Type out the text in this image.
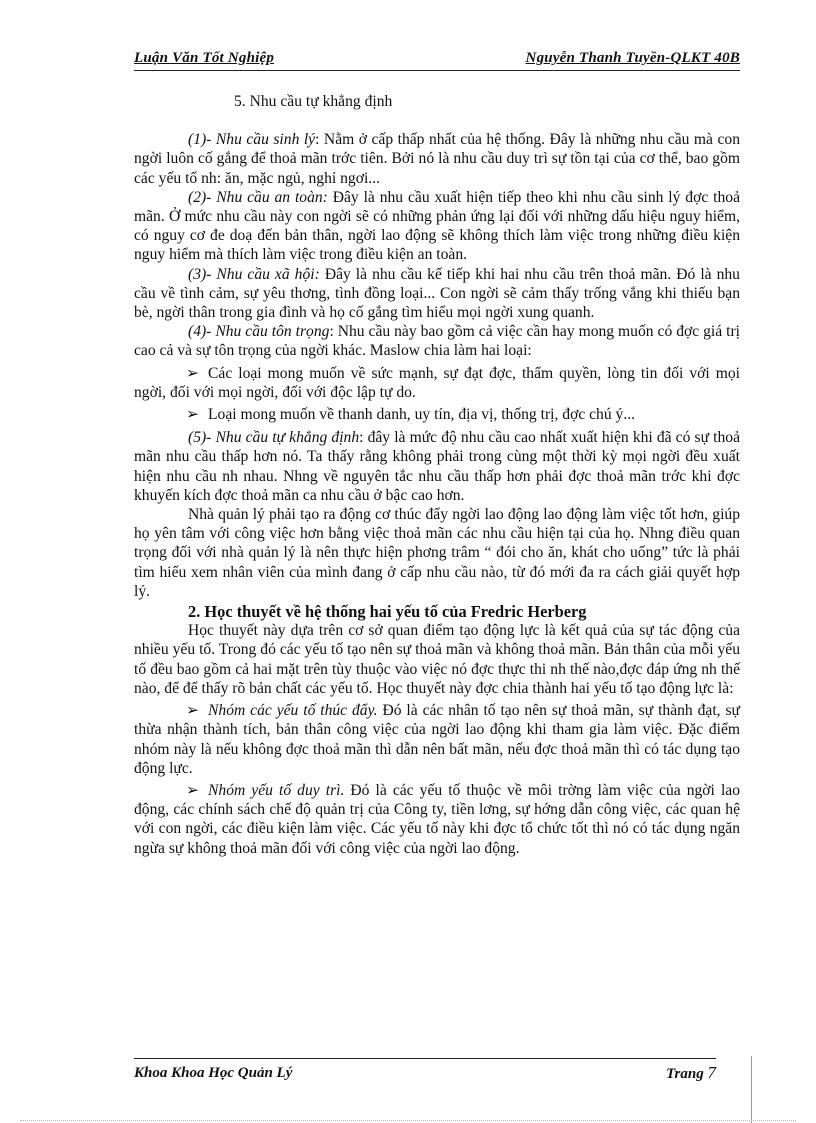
Luận Văn Tốt Nghiệp	Nguyễn Thanh Tuyền-QLKT 40B

5. Nhu cầu tự khẳng định

(1)- Nhu cầu sinh lý: Nằm ở cấp thấp nhất của hệ thống. Đây là những nhu cầu mà con ngời luôn cố gắng để thoả mãn trớc tiên. Bởi nó là nhu cầu duy trì sự tồn tại của cơ thể, bao gồm các yếu tố nh: ăn, mặc ngủ, nghỉ ngơi...

(2)- Nhu cầu an toàn: Đây là nhu cầu xuất hiện tiếp theo khi nhu cầu sinh lý đợc thoả mãn. Ở mức nhu cầu này con ngời sẽ có những phản ứng lại đối với những dấu hiệu nguy hiểm, có nguy cơ đe doạ đến bản thân, ngời lao động sẽ không thích làm việc trong những điều kiện nguy hiểm mà thích làm việc trong điều kiện an toàn.

(3)- Nhu cầu xã hội: Đây là nhu cầu kế tiếp khi hai nhu cầu trên thoả mãn. Đó là nhu cầu về tình cảm, sự yêu thơng, tình đồng loại... Con ngời sẽ cảm thấy trống vắng khi thiếu bạn bè, ngời thân trong gia đình và họ cố gắng tìm hiểu mọi ngời xung quanh.

(4)- Nhu cầu tôn trọng: Nhu cầu này bao gồm cả việc cần hay mong muốn có đợc giá trị cao cả và sự tôn trọng của ngời khác. Maslow chia làm hai loại:

➢ Các loại mong muốn về sức mạnh, sự đạt đợc, thẩm quyền, lòng tin đối với mọi ngời, đối với mọi ngời, đối với độc lập tự do.

➢ Loại mong muốn về thanh danh, uy tín, địa vị, thống trị, đợc chú ý...

(5)- Nhu cầu tự khẳng định: đây là mức độ nhu cầu cao nhất xuất hiện khi đã có sự thoả mãn nhu cầu thấp hơn nó. Ta thấy rằng không phải trong cùng một thời kỳ mọi ngời đều xuất hiện nhu cầu nh nhau. Nhng về nguyên tắc nhu cầu thấp hơn phải đợc thoả mãn trớc khi đợc khuyến kích đợc thoả mãn ca nhu cầu ở bậc cao hơn.

Nhà quản lý phải tạo ra động cơ thúc đẩy ngời lao động lao động làm việc tốt hơn, giúp họ yên tâm với công việc hơn bằng việc thoả mãn các nhu cầu hiện tại của họ. Nhng điều quan trọng đối với nhà quản lý là nên thực hiện phơng trâm “ đói cho ăn, khát cho uống” tức là phải tìm hiểu xem nhân viên của mình đang ở cấp nhu cầu nào, từ đó mới đa ra cách giải quyết hợp lý.

2. Học thuyết về hệ thống hai yếu tố của Fredric Herberg

Học thuyết này dựa trên cơ sở quan điểm tạo động lực là kết quả của sự tác động của nhiều yếu tố. Trong đó các yếu tố tạo nên sự thoả mãn và không thoả mãn. Bản thân của mỗi yếu tố đều bao gồm cả hai mặt trên tùy thuộc vào việc nó đợc thực thi nh thế nào,đợc đáp ứng nh thế nào, để để thấy rõ bản chất các yếu tố. Học thuyết này đợc chia thành hai yếu tố tạo động lực là:

➢ Nhóm các yếu tố thúc đẩy. Đó là các nhân tố tạo nên sự thoả mãn, sự thành đạt, sự thừa nhận thành tích, bản thân công việc của ngời lao động khi tham gia làm việc. Đặc điểm nhóm này là nếu không đợc thoả mãn thì dẫn nên bất mãn, nếu đợc thoả mãn thì có tác dụng tạo động lực.

➢ Nhóm yếu tố duy trì. Đó là các yếu tố thuộc về môi trờng làm việc của ngời lao động, các chính sách chế độ quản trị của Công ty, tiền lơng, sự hớng dẫn công việc, các quan hệ với con ngời, các điều kiện làm việc. Các yếu tố này khi đợc tổ chức tốt thì nó có tác dụng ngăn ngừa sự không thoả mãn đối với công việc của ngời lao động.

Khoa Khoa Học Quản Lý	Trang 7
